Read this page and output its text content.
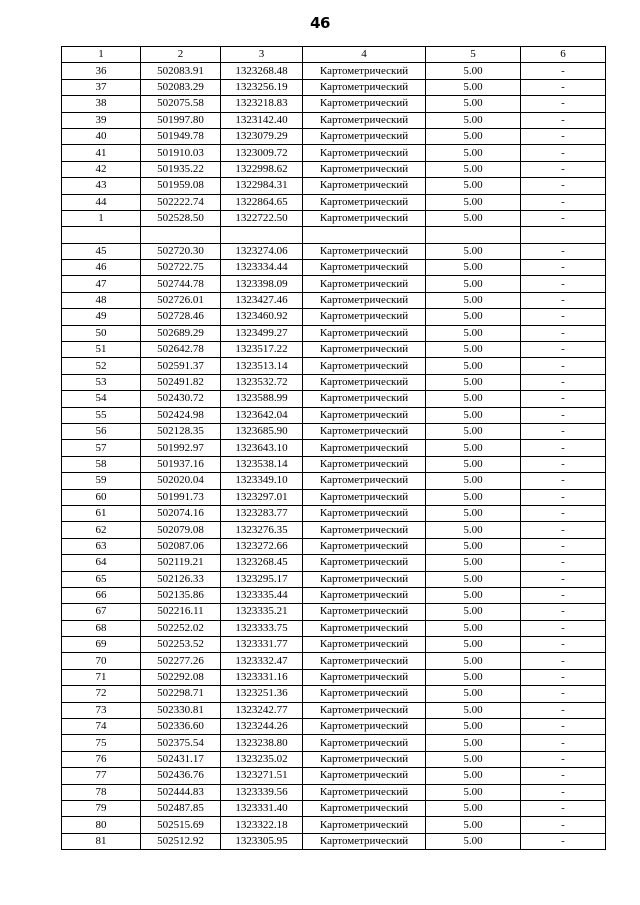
46
1	2	3	4	5	6
36	502083.91	1323268.48	Картометрический	5.00	-
37	502083.29	1323256.19	Картометрический	5.00	-
38	502075.58	1323218.83	Картометрический	5.00	-
39	501997.80	1323142.40	Картометрический	5.00	-
40	501949.78	1323079.29	Картометрический	5.00	-
41	501910.03	1323009.72	Картометрический	5.00	-
42	501935.22	1322998.62	Картометрический	5.00	-
43	501959.08	1322984.31	Картометрический	5.00	-
44	502222.74	1322864.65	Картометрический	5.00	-
1	502528.50	1322722.50	Картометрический	5.00	-

45	502720.30	1323274.06	Картометрический	5.00	-
46	502722.75	1323334.44	Картометрический	5.00	-
47	502744.78	1323398.09	Картометрический	5.00	-
48	502726.01	1323427.46	Картометрический	5.00	-
49	502728.46	1323460.92	Картометрический	5.00	-
50	502689.29	1323499.27	Картометрический	5.00	-
51	502642.78	1323517.22	Картометрический	5.00	-
52	502591.37	1323513.14	Картометрический	5.00	-
53	502491.82	1323532.72	Картометрический	5.00	-
54	502430.72	1323588.99	Картометрический	5.00	-
55	502424.98	1323642.04	Картометрический	5.00	-
56	502128.35	1323685.90	Картометрический	5.00	-
57	501992.97	1323643.10	Картометрический	5.00	-
58	501937.16	1323538.14	Картометрический	5.00	-
59	502020.04	1323349.10	Картометрический	5.00	-
60	501991.73	1323297.01	Картометрический	5.00	-
61	502074.16	1323283.77	Картометрический	5.00	-
62	502079.08	1323276.35	Картометрический	5.00	-
63	502087.06	1323272.66	Картометрический	5.00	-
64	502119.21	1323268.45	Картометрический	5.00	-
65	502126.33	1323295.17	Картометрический	5.00	-
66	502135.86	1323335.44	Картометрический	5.00	-
67	502216.11	1323335.21	Картометрический	5.00	-
68	502252.02	1323333.75	Картометрический	5.00	-
69	502253.52	1323331.77	Картометрический	5.00	-
70	502277.26	1323332.47	Картометрический	5.00	-
71	502292.08	1323331.16	Картометрический	5.00	-
72	502298.71	1323251.36	Картометрический	5.00	-
73	502330.81	1323242.77	Картометрический	5.00	-
74	502336.60	1323244.26	Картометрический	5.00	-
75	502375.54	1323238.80	Картометрический	5.00	-
76	502431.17	1323235.02	Картометрический	5.00	-
77	502436.76	1323271.51	Картометрический	5.00	-
78	502444.83	1323339.56	Картометрический	5.00	-
79	502487.85	1323331.40	Картометрический	5.00	-
80	502515.69	1323322.18	Картометрический	5.00	-
81	502512.92	1323305.95	Картометрический	5.00	-
